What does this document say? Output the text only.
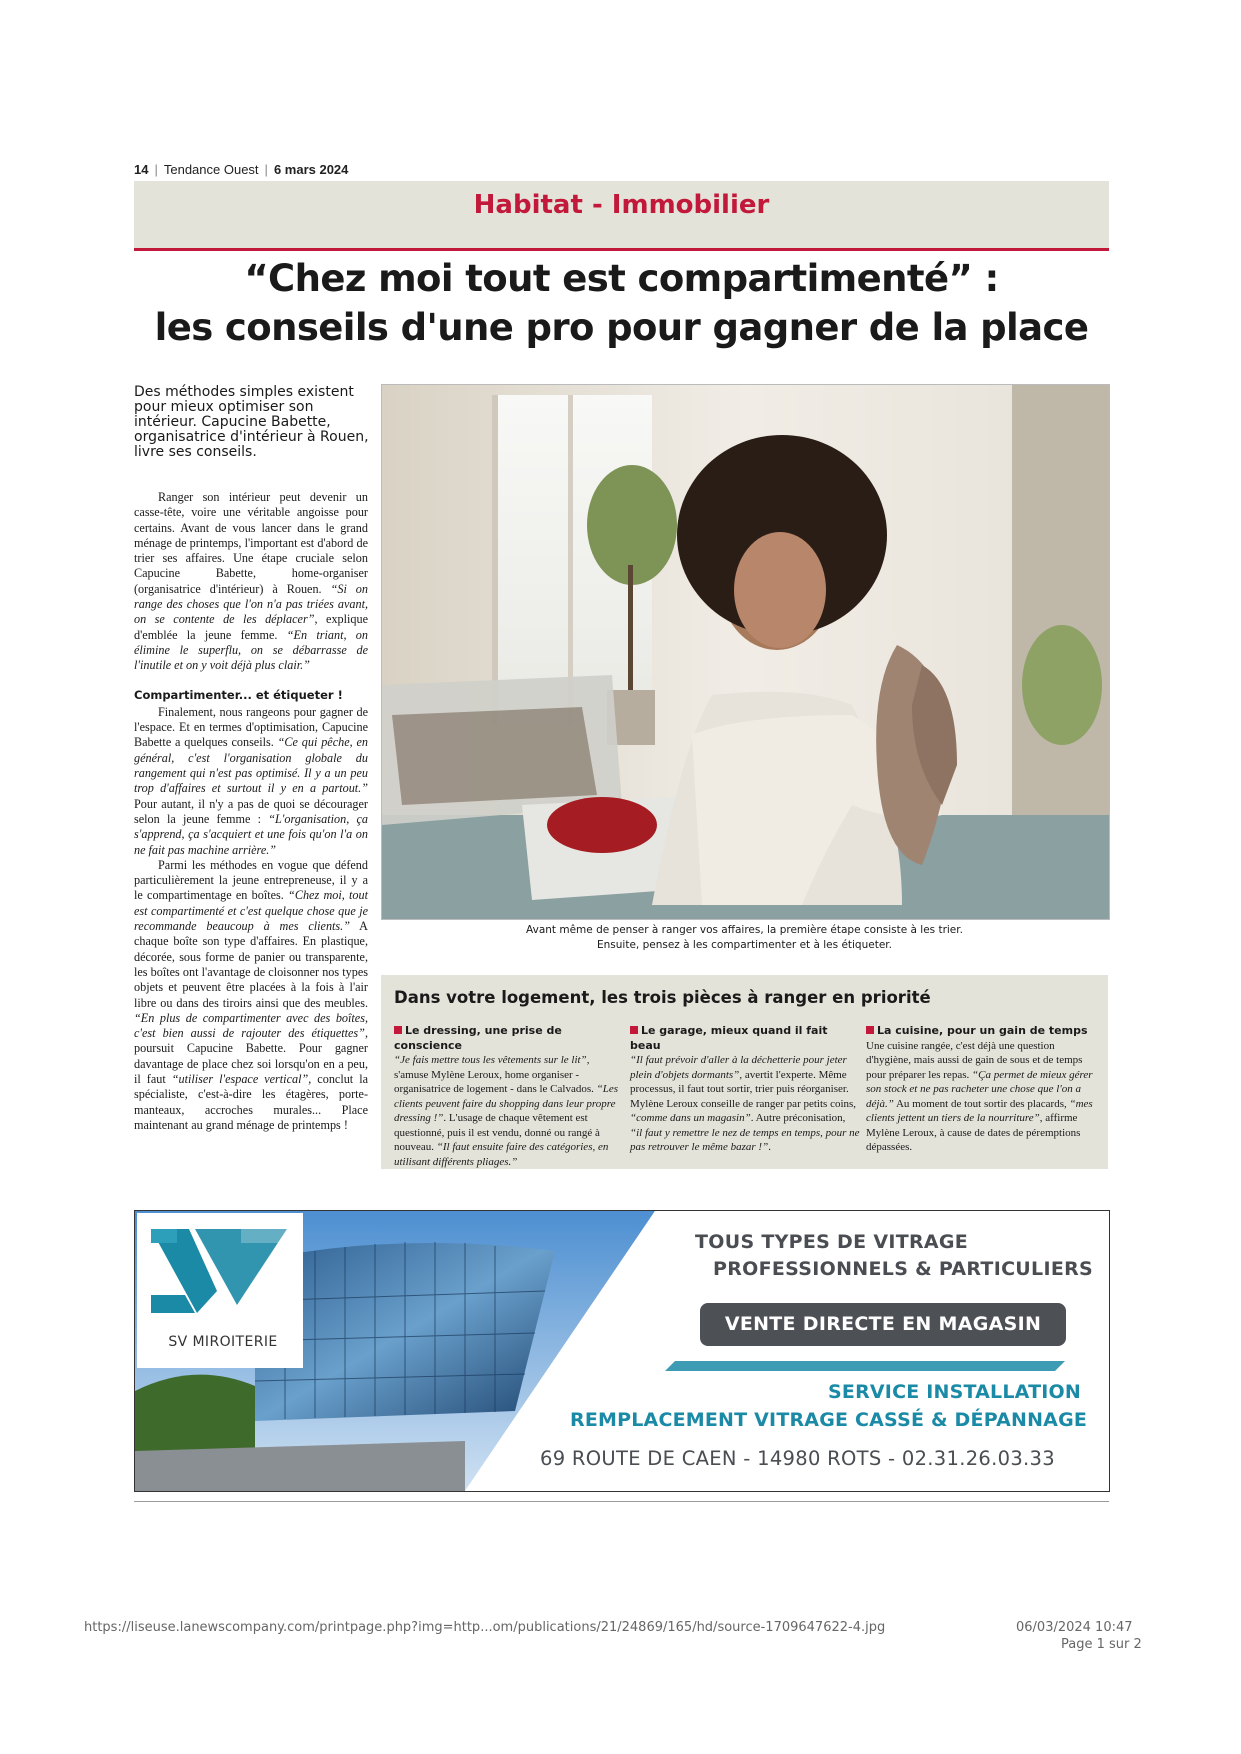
14 | Tendance Ouest | 6 mars 2024
Habitat - Immobilier
“Chez moi tout est compartimenté” :
les conseils d'une pro pour gagner de la place
Des méthodes simples existent pour mieux optimiser son intérieur. Capucine Babette, organisatrice d'intérieur à Rouen, livre ses conseils.

Ranger son intérieur peut devenir un casse-tête, voire une véritable angoisse pour certains. Avant de vous lancer dans le grand ménage de printemps, l'important est d'abord de trier ses affaires. Une étape cruciale selon Capucine Babette, home-organiser (organisatrice d'intérieur) à Rouen. “Si on range des choses que l'on n'a pas triées avant, on se contente de les déplacer”, explique d'emblée la jeune femme. “En triant, on élimine le superflu, on se débarrasse de l'inutile et on y voit déjà plus clair.”

Compartimenter... et étiqueter !

Finalement, nous rangeons pour gagner de l'espace. Et en termes d'optimisation, Capucine Babette a quelques conseils. “Ce qui pêche, en général, c'est l'organisation globale du rangement qui n'est pas optimisé. Il y a un peu trop d'affaires et surtout il y en a partout.” Pour autant, il n'y a pas de quoi se décourager selon la jeune femme : “L'organisation, ça s'apprend, ça s'acquiert et une fois qu'on l'a on ne fait pas machine arrière.”

Parmi les méthodes en vogue que défend particulièrement la jeune entrepreneuse, il y a le compartimentage en boîtes. “Chez moi, tout est compartimenté et c'est quelque chose que je recommande beaucoup à mes clients.” A chaque boîte son type d'affaires. En plastique, décorée, sous forme de panier ou transparente, les boîtes ont l'avantage de cloisonner nos types objets et peuvent être placées à la fois à l'air libre ou dans des tiroirs ainsi que des meubles. “En plus de compartimenter avec des boîtes, c'est bien aussi de rajouter des étiquettes”, poursuit Capucine Babette. Pour gagner davantage de place chez soi lorsqu'on en a peu, il faut “utiliser l'espace vertical”, conclut la spécialiste, c'est-à-dire les étagères, porte-manteaux, accroches murales... Place maintenant au grand ménage de printemps !

Avant même de penser à ranger vos affaires, la première étape consiste à les trier.
Ensuite, pensez à les compartimenter et à les étiqueter.
Dans votre logement, les trois pièces à ranger en priorité
Le dressing, une prise de conscience
“Je fais mettre tous les vêtements sur le lit”, s'amuse Mylène Leroux, home organiser - organisatrice de logement - dans le Calvados. “Les clients peuvent faire du shopping dans leur propre dressing !”. L'usage de chaque vêtement est questionné, puis il est vendu, donné ou rangé à nouveau. “Il faut ensuite faire des catégories, en utilisant différents pliages.”
Le garage, mieux quand il fait beau
“Il faut prévoir d'aller à la déchetterie pour jeter plein d'objets dormants”, avertit l'experte. Même processus, il faut tout sortir, trier puis réorganiser. Mylène Leroux conseille de ranger par petits coins, “comme dans un magasin”. Autre préconisation, “il faut y remettre le nez de temps en temps, pour ne pas retrouver le même bazar !”.
La cuisine, pour un gain de temps
Une cuisine rangée, c'est déjà une question d'hygiène, mais aussi de gain de sous et de temps pour préparer les repas. “Ça permet de mieux gérer son stock et ne pas racheter une chose que l'on a déjà.” Au moment de tout sortir des placards, “mes clients jettent un tiers de la nourriture”, affirme Mylène Leroux, à cause de dates de péremptions dépassées.
SV MIROITERIE
TOUS TYPES DE VITRAGE
PROFESSIONNELS & PARTICULIERS
VENTE DIRECTE EN MAGASIN
SERVICE INSTALLATION
REMPLACEMENT VITRAGE CASSÉ & DÉPANNAGE
69 ROUTE DE CAEN - 14980 ROTS - 02.31.26.03.33
https://liseuse.lanewscompany.com/printpage.php?img=http...om/publications/21/24869/165/hd/source-1709647622-4.jpg	06/03/2024 10:47
Page 1 sur 2
